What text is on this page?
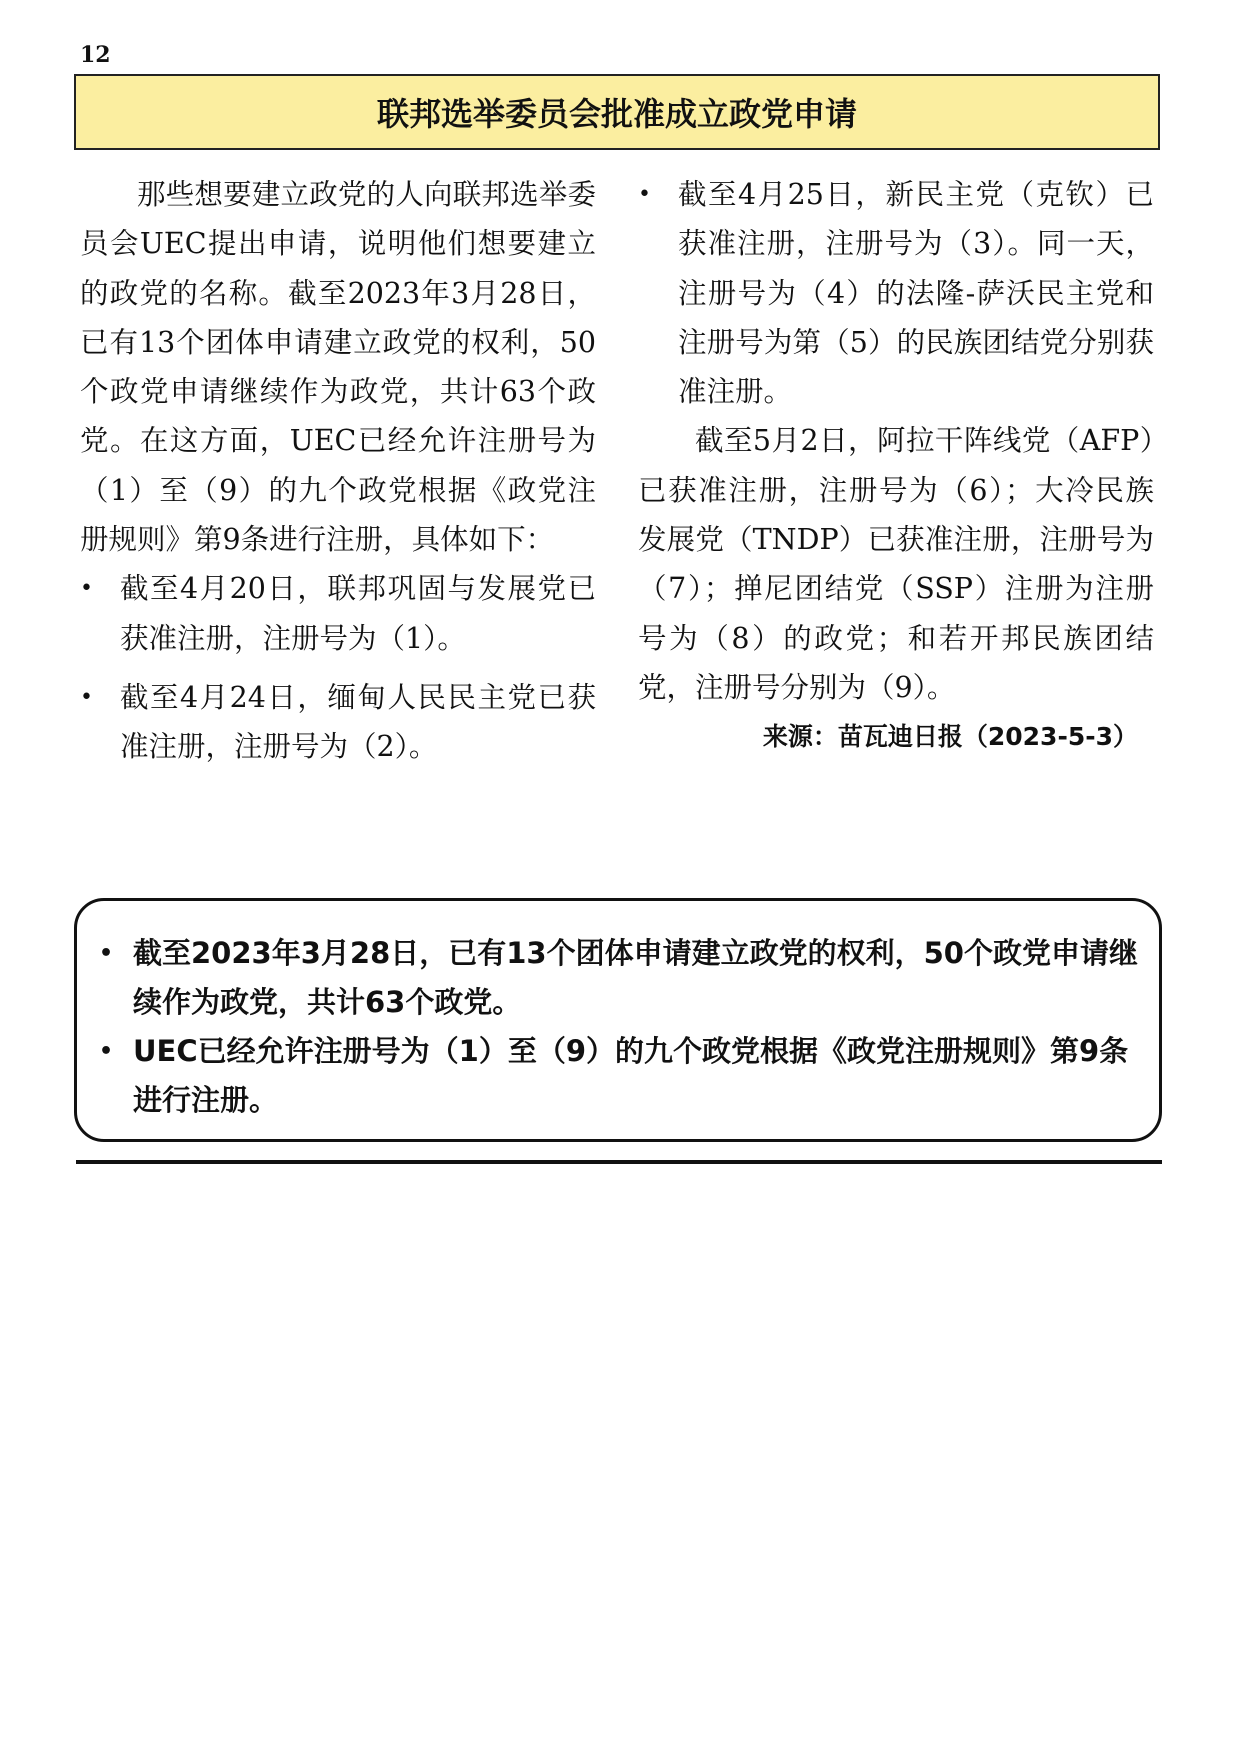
12
联邦选举委员会批准成立政党申请

那些想要建立政党的人向联邦选举委员会UEC提出申请，说明他们想要建立的政党的名称。截至2023年3月28日，已有13个团体申请建立政党的权利，50个政党申请继续作为政党，共计63个政党。在这方面，UEC已经允许注册号为（1）至（9）的九个政党根据《政党注册规则》第9条进行注册，具体如下：

• 截至4月20日，联邦巩固与发展党已获准注册，注册号为（1）。
• 截至4月24日，缅甸人民民主党已获准注册，注册号为（2）。
• 截至4月25日，新民主党（克钦）已获准注册，注册号为（3）。同一天，注册号为（4）的法隆-萨沃民主党和注册号为第（5）的民族团结党分别获准注册。

截至5月2日，阿拉干阵线党（AFP）已获准注册，注册号为（6）；大冷民族发展党（TNDP）已获准注册，注册号为（7）；掸尼团结党（SSP）注册为注册号为（8）的政党；和若开邦民族团结党，注册号分别为（9）。

来源：苗瓦迪日报（2023-5-3）

• 截至2023年3月28日，已有13个团体申请建立政党的权利，50个政党申请继续作为政党，共计63个政党。
• UEC已经允许注册号为（1）至（9）的九个政党根据《政党注册规则》第9条进行注册。
